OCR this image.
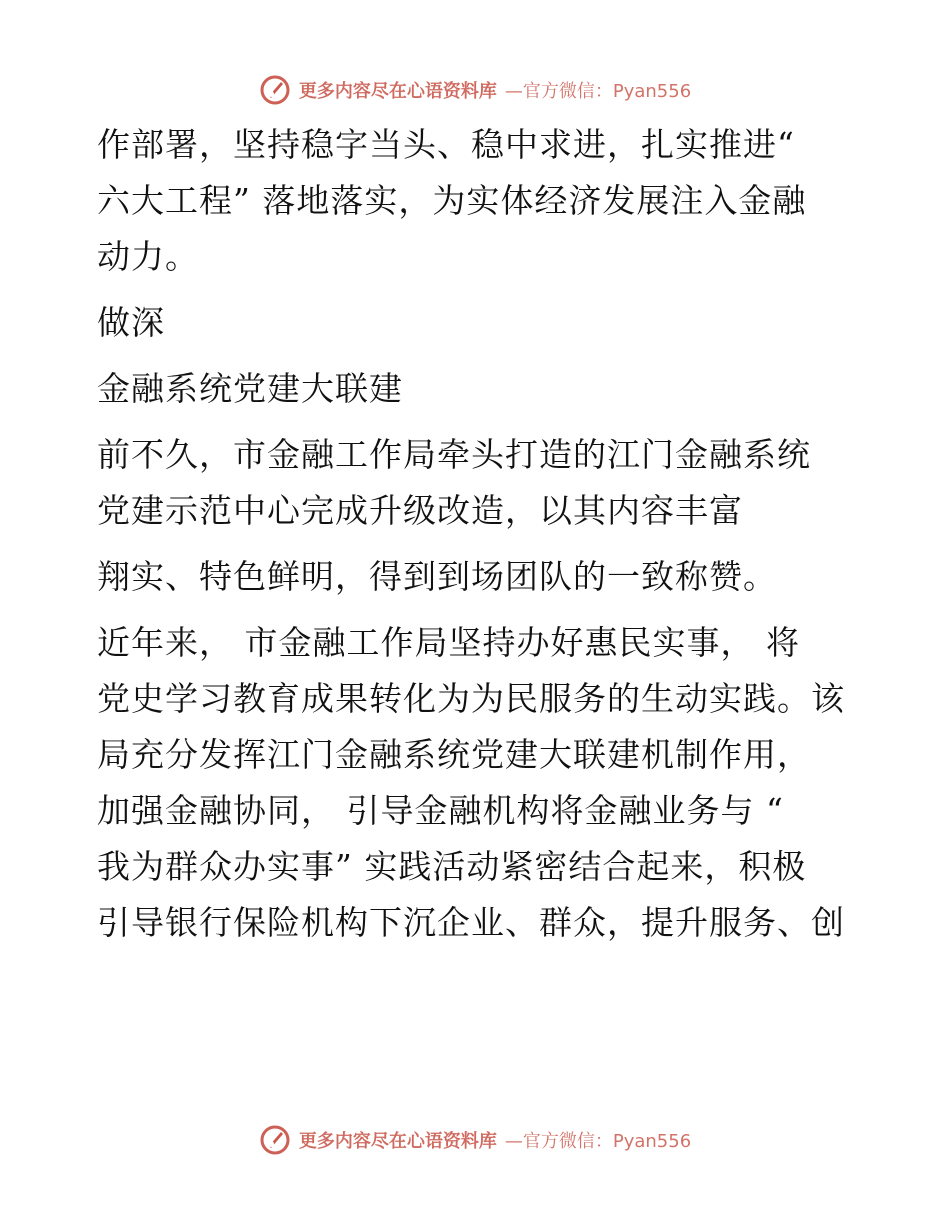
更多内容尽在心语资料库 —官方微信：Pyan556
作部署，坚持稳字当头、稳中求进，扎实推进“
六大工程” 落地落实，为实体经济发展注入金融
动力。
做深
金融系统党建大联建
前不久，市金融工作局牵头打造的江门金融系统
党建示范中心完成升级改造，以其内容丰富
翔实、特色鲜明，得到到场团队的一致称赞。
近年来， 市金融工作局坚持办好惠民实事， 将
党史学习教育成果转化为为民服务的生动实践。该
局充分发挥江门金融系统党建大联建机制作用，
加强金融协同， 引导金融机构将金融业务与 “
我为群众办实事” 实践活动紧密结合起来，积极
引导银行保险机构下沉企业、群众，提升服务、创
更多内容尽在心语资料库 —官方微信：Pyan556
